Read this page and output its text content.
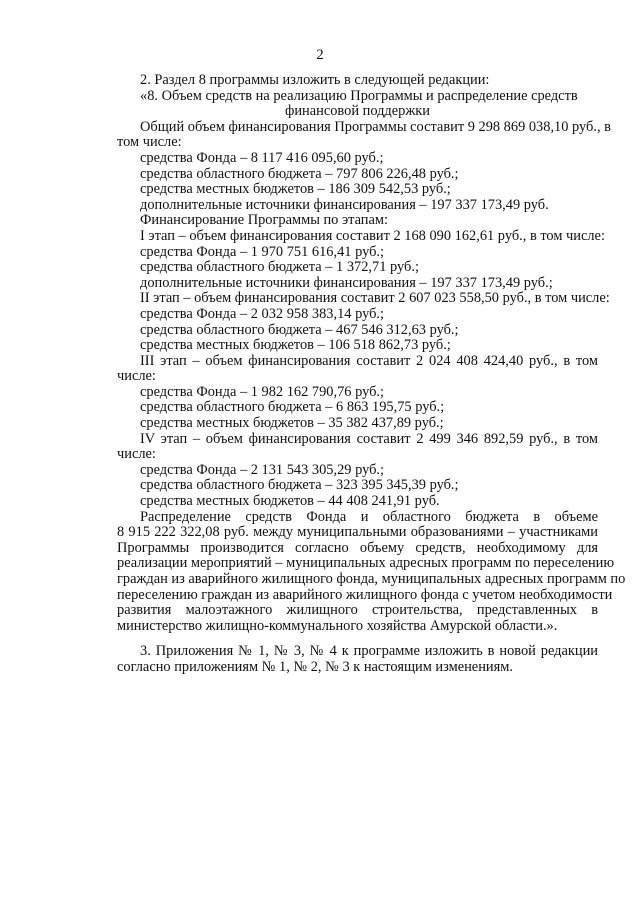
2
2. Раздел 8 программы изложить в следующей редакции:
«8. Объем средств на реализацию Программы и распределение средств
финансовой поддержки
Общий объем финансирования Программы составит 9 298 869 038,10 руб., в
том числе:
средства Фонда – 8 117 416 095,60 руб.;
средства областного бюджета – 797 806 226,48 руб.;
средства местных бюджетов – 186 309 542,53 руб.;
дополнительные источники финансирования – 197 337 173,49 руб.
Финансирование Программы по этапам:
I этап – объем финансирования составит 2 168 090 162,61 руб., в том числе:
средства Фонда – 1 970 751 616,41 руб.;
средства областного бюджета – 1 372,71 руб.;
дополнительные источники финансирования – 197 337 173,49 руб.;
II этап – объем финансирования составит 2 607 023 558,50 руб., в том числе:
средства Фонда – 2 032 958 383,14 руб.;
средства областного бюджета – 467 546 312,63 руб.;
средства местных бюджетов – 106 518 862,73 руб.;
III этап – объем финансирования составит 2 024 408 424,40 руб., в том
числе:
средства Фонда – 1 982 162 790,76 руб.;
средства областного бюджета – 6 863 195,75 руб.;
средства местных бюджетов – 35 382 437,89 руб.;
IV этап – объем финансирования составит 2 499 346 892,59 руб., в том
числе:
средства Фонда – 2 131 543 305,29 руб.;
средства областного бюджета – 323 395 345,39 руб.;
средства местных бюджетов – 44 408 241,91 руб.
Распределение средств Фонда и областного бюджета в объеме
8 915 222 322,08 руб. между муниципальными образованиями – участниками
Программы производится согласно объему средств, необходимому для
реализации мероприятий – муниципальных адресных программ по переселению
граждан из аварийного жилищного фонда, муниципальных адресных программ по
переселению граждан из аварийного жилищного фонда с учетом необходимости
развития малоэтажного жилищного строительства, представленных в
министерство жилищно-коммунального хозяйства Амурской области.».
3. Приложения № 1, № 3, № 4 к программе изложить в новой редакции
согласно приложениям № 1, № 2, № 3 к настоящим изменениям.
